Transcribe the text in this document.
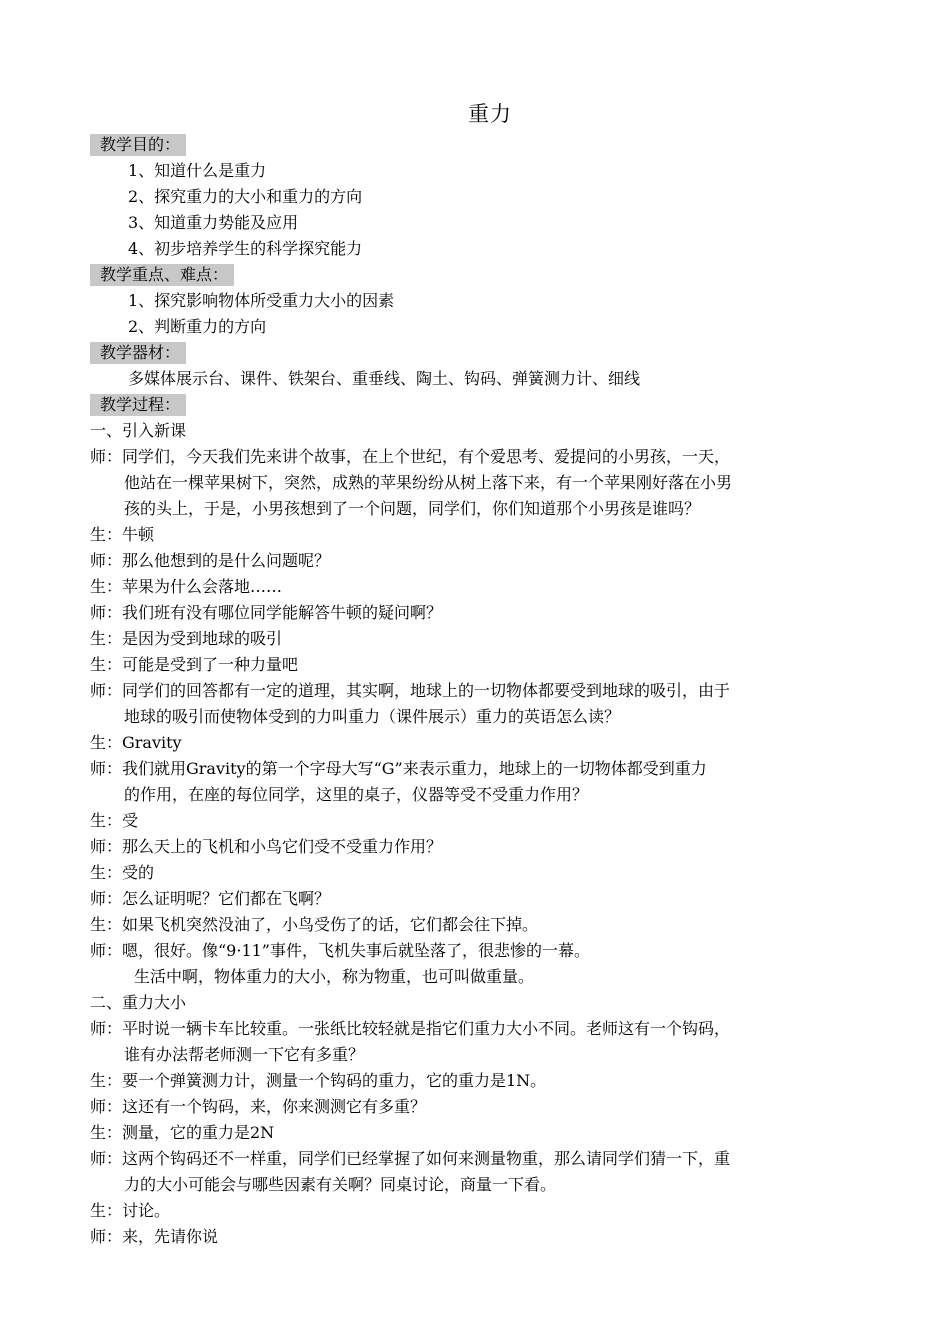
重力
教学目的：
1、知道什么是重力
2、探究重力的大小和重力的方向
3、知道重力势能及应用
4、初步培养学生的科学探究能力
教学重点、难点：
1、探究影响物体所受重力大小的因素
2、判断重力的方向
教学器材：
多媒体展示台、课件、铁架台、重垂线、陶土、钩码、弹簧测力计、细线
教学过程：
一、引入新课
师：同学们，今天我们先来讲个故事，在上个世纪，有个爱思考、爱提问的小男孩，一天，
他站在一棵苹果树下，突然，成熟的苹果纷纷从树上落下来，有一个苹果刚好落在小男
孩的头上，于是，小男孩想到了一个问题，同学们，你们知道那个小男孩是谁吗？
生：牛顿
师：那么他想到的是什么问题呢？
生：苹果为什么会落地……
师：我们班有没有哪位同学能解答牛顿的疑问啊？
生：是因为受到地球的吸引
生：可能是受到了一种力量吧
师：同学们的回答都有一定的道理，其实啊，地球上的一切物体都要受到地球的吸引，由于
地球的吸引而使物体受到的力叫重力（课件展示）重力的英语怎么读？
生：Gravity
师：我们就用Gravity的第一个字母大写“G”来表示重力，地球上的一切物体都受到重力
的作用，在座的每位同学，这里的桌子，仪器等受不受重力作用？
生：受
师：那么天上的飞机和小鸟它们受不受重力作用？
生：受的
师：怎么证明呢？它们都在飞啊？
生：如果飞机突然没油了，小鸟受伤了的话，它们都会往下掉。
师：嗯，很好。像“9·11”事件，飞机失事后就坠落了，很悲惨的一幕。
生活中啊，物体重力的大小，称为物重，也可叫做重量。
二、重力大小
师：平时说一辆卡车比较重。一张纸比较轻就是指它们重力大小不同。老师这有一个钩码，
谁有办法帮老师测一下它有多重？
生：要一个弹簧测力计，测量一个钩码的重力，它的重力是1N。
师：这还有一个钩码，来，你来测测它有多重？
生：测量，它的重力是2N
师：这两个钩码还不一样重，同学们已经掌握了如何来测量物重，那么请同学们猜一下，重
力的大小可能会与哪些因素有关啊？同桌讨论，商量一下看。
生：讨论。
师：来，先请你说
